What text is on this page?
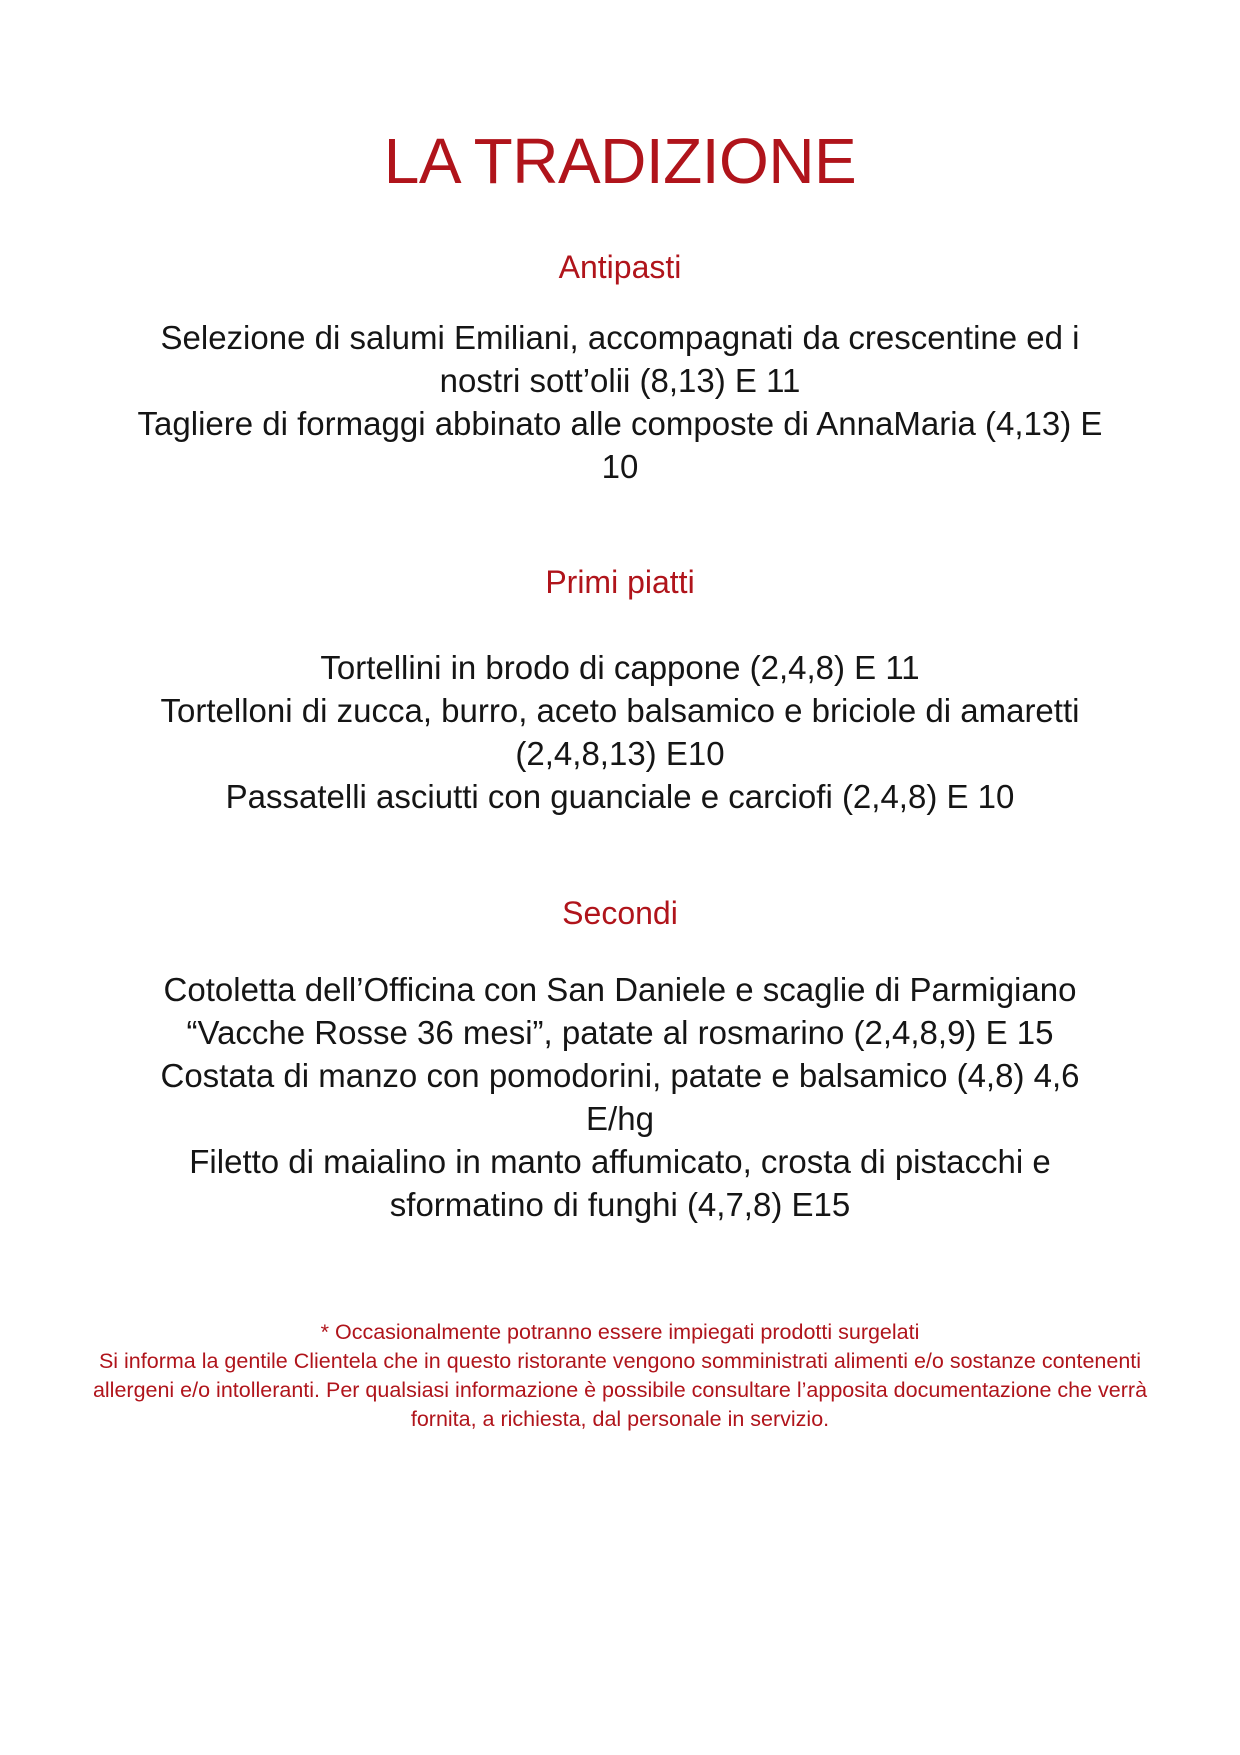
LA TRADIZIONE
Antipasti

Selezione di salumi Emiliani, accompagnati da crescentine ed i nostri sott’olii (8,13) E 11

Tagliere di formaggi abbinato alle composte di AnnaMaria (4,13) E 10

Primi piatti

Tortellini in brodo di cappone (2,4,8) E 11

Tortelloni di zucca, burro, aceto balsamico e briciole di amaretti (2,4,8,13) E10

Passatelli asciutti con guanciale e carciofi (2,4,8) E 10

Secondi

Cotoletta dell’Officina con San Daniele e scaglie di Parmigiano “Vacche Rosse 36 mesi”, patate al rosmarino (2,4,8,9) E 15

Costata di manzo con pomodorini, patate e balsamico (4,8) 4,6 E/hg

Filetto di maialino in manto affumicato, crosta di pistacchi e sformatino di funghi (4,7,8) E15

* Occasionalmente potranno essere impiegati prodotti surgelati

Si informa la gentile Clientela che in questo ristorante vengono somministrati alimenti e/o sostanze contenenti allergeni e/o intolleranti. Per qualsiasi informazione è possibile consultare l’apposita documentazione che verrà fornita, a richiesta, dal personale in servizio.
